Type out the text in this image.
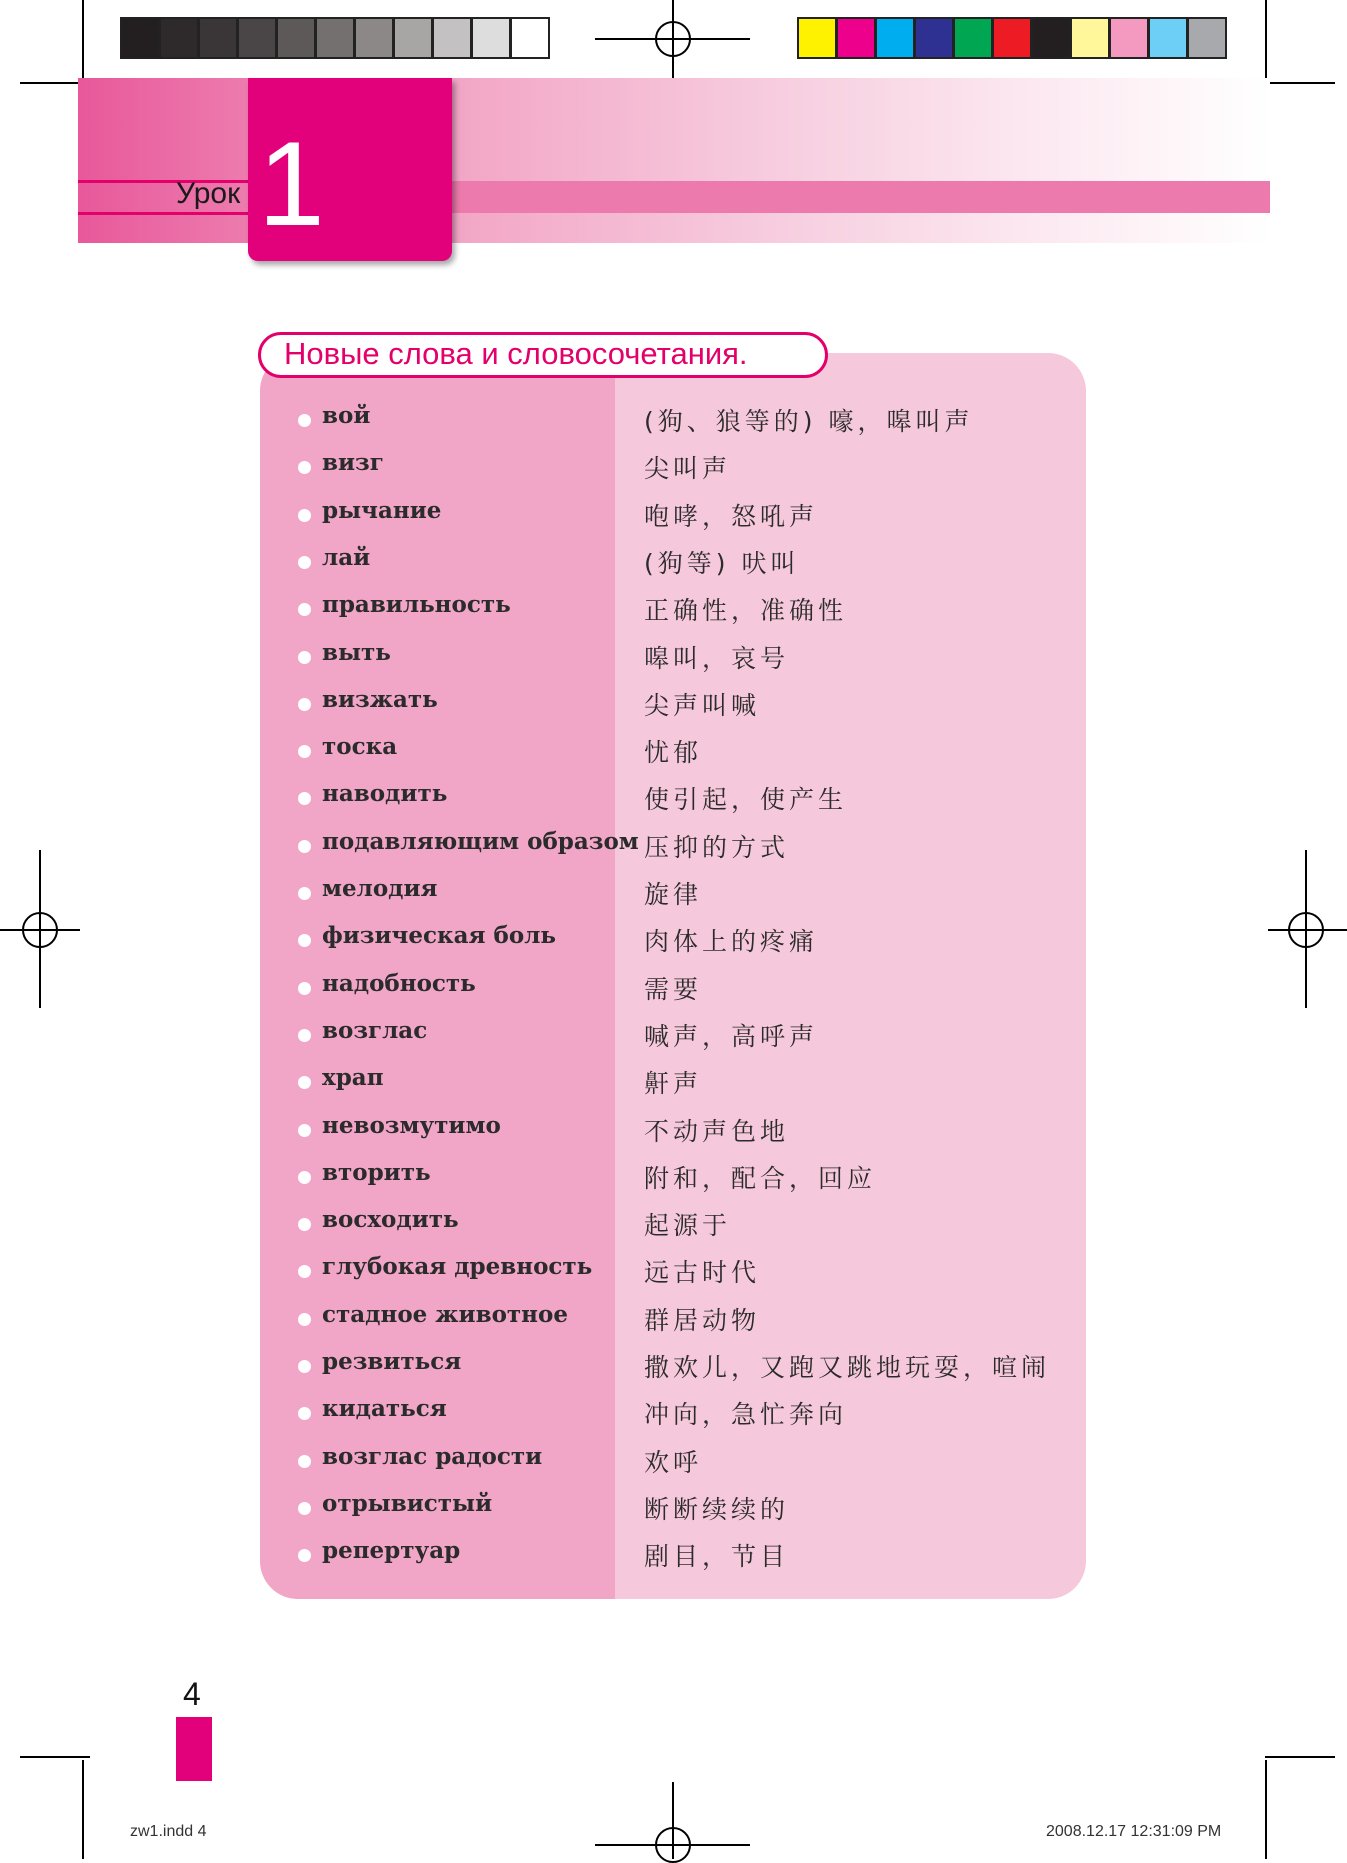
Урок 1
Новые слова и словосочетания.
вой	(狗、狼等的) 嚎，嗥叫声
визг	尖叫声
рычание	咆哮，怒吼声
лай	(狗等) 吠叫
правильность	正确性，准确性
выть	嗥叫，哀号
визжать	尖声叫喊
тоска	忧郁
наводить	使引起，使产生
подавляющим образом 压抑的方式
мелодия	旋律
физическая боль	肉体上的疼痛
надобность	需要
возглас	喊声，高呼声
храп	鼾声
невозмутимо	不动声色地
вторить	附和，配合，回应
восходить	起源于
глубокая древность 远古时代
стадное животное	群居动物
резвиться	撒欢儿，又跑又跳地玩耍，喧闹
кидаться	冲向，急忙奔向
возглас радости	欢呼
отрывистый	断断续续的
репертуар	剧目，节目
4
zw1.indd 4	2008.12.17 12:31:09 PM
